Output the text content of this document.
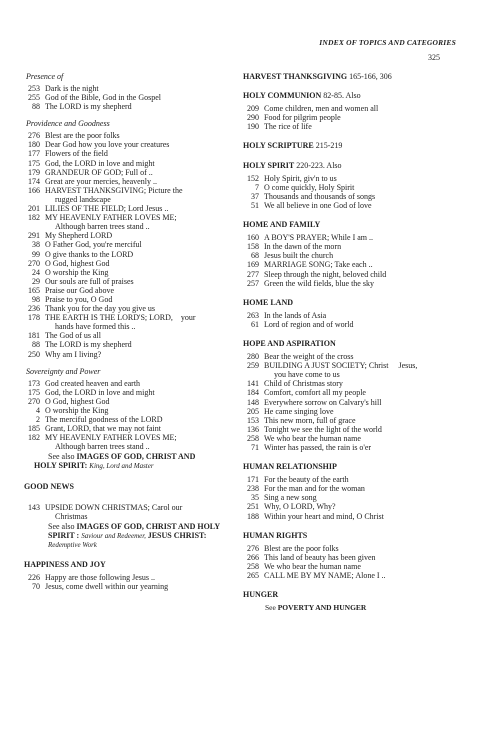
INDEX OF TOPICS AND CATEGORIES
325
Presence of
253 Dark is the night
255 God of the Bible, God in the Gospel
88 The LORD is my shepherd
Providence and Goodness
276 Blest are the poor folks
180 Dear God how you love your creatures
177 Flowers of the field
175 God, the LORD in love and might
179 GRANDEUR OF GOD; Full of ..
174 Great are your mercies, heavenly ..
166 HARVEST THANKSGIVING; Picture the
rugged landscape
201 LILIES OF THE FIELD; Lord Jesus ..
182 MY HEAVENLY FATHER LOVES ME;
Although barren trees stand ..
291 My Shepherd LORD
38 O Father God, you're merciful
99 O give thanks to the LORD
270 O God, highest God
24 O worship the King
29 Our souls are full of praises
165 Praise our God above
98 Praise to you, O God
236 Thank you for the day you give us
178 THE EARTH IS THE LORD'S; LORD,    your
hands have formed this ..
181 The God of us all
88 The LORD is my shepherd
250 Why am I living?
Sovereignty and Power
173 God created heaven and earth
175 God, the LORD in love and might
270 O God, highest God
4 O worship the King
2 The merciful goodness of the LORD
185 Grant, LORD, that we may not faint
182 MY HEAVENLY FATHER LOVES ME;
Although barren trees stand ..
See also IMAGES OF GOD, CHRIST AND
HOLY SPIRIT: King, Lord and Master
GOOD NEWS
143 UPSIDE DOWN CHRISTMAS; Carol our
Christmas
See also IMAGES OF GOD, CHRIST AND HOLY
SPIRIT : Saviour and Redeemer, JESUS CHRIST:
Redemptive Work
HAPPINESS AND JOY
226 Happy are those following Jesus ..
70 Jesus, come dwell within our yearning
HARVEST THANKSGIVING 165-166, 306
HOLY COMMUNION 82-85. Also
209 Come children, men and women all
290 Food for pilgrim people
190 The rice of life
HOLY SCRIPTURE 215-219
HOLY SPIRIT 220-223. Also
152 Holy Spirit, giv'n to us
7 O come quickly, Holy Spirit
37 Thousands and thousands of songs
51 We all believe in one God of love
HOME AND FAMILY
160 A BOY'S PRAYER; While I am ..
158 In the dawn of the morn
68 Jesus built the church
169 MARRIAGE SONG; Take each ..
277 Sleep through the night, beloved child
257 Green the wild fields, blue the sky
HOME LAND
263 In the lands of Asia
61 Lord of region and of world
HOPE AND ASPIRATION
280 Bear the weight of the cross
259 BUILDING A JUST SOCIETY; Christ     Jesus,
you have come to us
141 Child of Christmas story
184 Comfort, comfort all my people
148 Everywhere sorrow on Calvary's hill
205 He came singing love
153 This new morn, full of grace
136 Tonight we see the light of the world
258 We who bear the human name
71 Winter has passed, the rain is o'er
HUMAN RELATIONSHIP
171 For the beauty of the earth
238 For the man and for the woman
35 Sing a new song
251 Why, O LORD, Why?
188 Within your heart and mind, O Christ
HUMAN RIGHTS
276 Blest are the poor folks
266 This land of beauty has been given
258 We who bear the human name
265 CALL ME BY MY NAME; Alone I ..
HUNGER
See POVERTY AND HUNGER
